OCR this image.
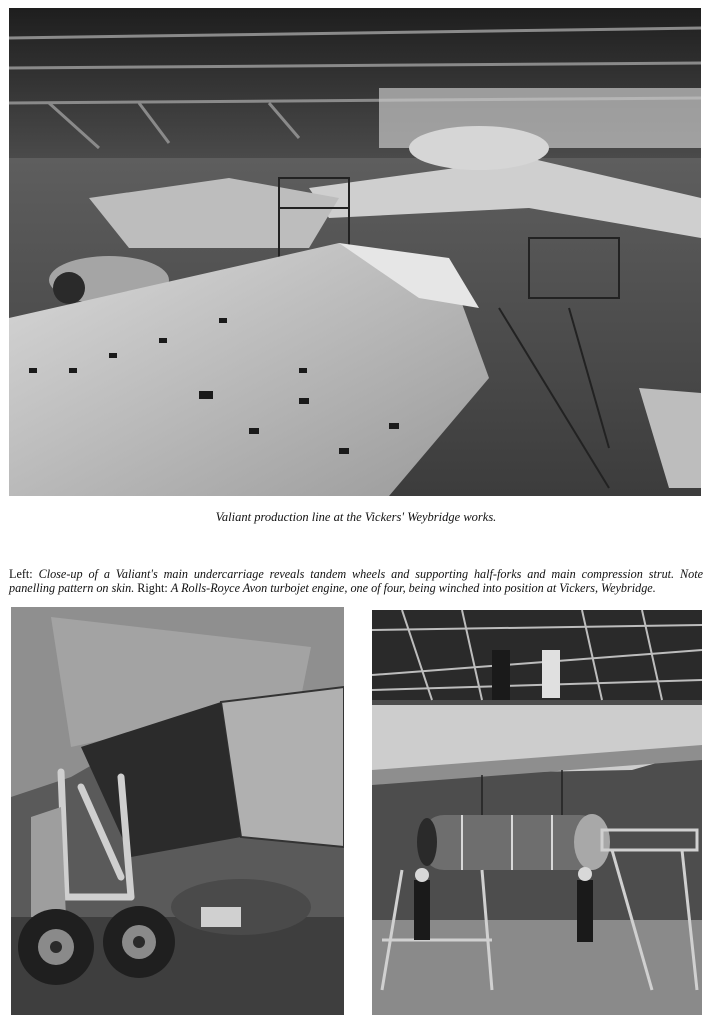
Valiant production line at the Vickers' Weybridge works.
Left: Close-up of a Valiant's main undercarriage reveals tandem wheels and supporting half-forks and main compression strut. Note panelling pattern on skin. Right: A Rolls-Royce Avon turbojet engine, one of four, being winched into position at Vickers, Weybridge.
